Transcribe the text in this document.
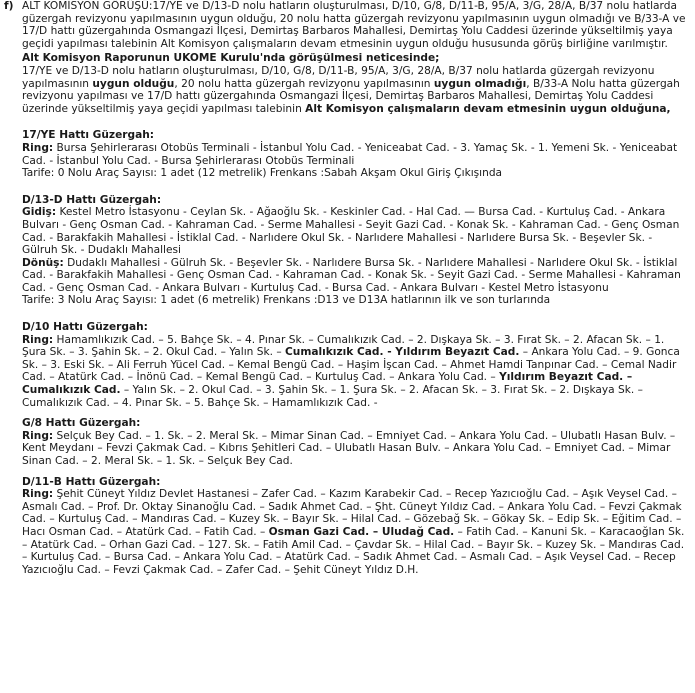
f) ALT KOMİSYON GÖRÜŞÜ:17/YE ve D/13-D nolu hatların oluşturulması, D/10, G/8, D/11-B, 95/A, 3/G, 28/A, B/37 nolu hatlarda güzergah revizyonu yapılmasının uygun olduğu, 20 nolu hatta güzergah revizyonu yapılmasının uygun olmadığı ve B/33-A ve 17/D hattı güzergahında Osmangazi İlçesi, Demirtaş Barbaros Mahallesi, Demirtaş Yolu Caddesi üzerinde yükseltilmiş yaya geçidi yapılması talebinin Alt Komisyon çalışmaların devam etmesinin uygun olduğu hususunda görüş birliğine varılmıştır.

Alt Komisyon Raporunun UKOME Kurulu'nda görüşülmesi neticesinde;

17/YE ve D/13-D nolu hatların oluşturulması, D/10, G/8, D/11-B, 95/A, 3/G, 28/A, B/37 nolu hatlarda güzergah revizyonu yapılmasının uygun olduğu, 20 nolu hatta güzergah revizyonu yapılmasının uygun olmadığı, B/33-A Nolu hatta güzergah revizyonu yapılması ve 17/D hattı güzergahında Osmangazi İlçesi, Demirtaş Barbaros Mahallesi, Demirtaş Yolu Caddesi üzerinde yükseltilmiş yaya geçidi yapılması talebinin Alt Komisyon çalışmaların devam etmesinin uygun olduğuna,

17/YE Hattı Güzergah:

Ring: Bursa Şehirlerarası Otobüs Terminali - İstanbul Yolu Cad. - Yeniceabat Cad. - 3. Yamaç Sk. - 1. Yemeni Sk. - Yeniceabat Cad. - İstanbul Yolu Cad. - Bursa Şehirlerarası Otobüs Terminali

Tarife: 0 Nolu Araç Sayısı: 1 adet (12 metrelik) Frenkans :Sabah Akşam Okul Giriş Çıkışında

D/13-D Hattı Güzergah:

Gidiş: Kestel Metro İstasyonu - Ceylan Sk. - Ağaoğlu Sk. - Keskinler Cad. - Hal Cad. — Bursa Cad. - Kurtuluş Cad. - Ankara Bulvarı - Genç Osman Cad. - Kahraman Cad. - Serme Mahallesi - Seyit Gazi Cad. - Konak Sk. - Kahraman Cad. - Genç Osman Cad. - Barakfakih Mahallesi - İstiklal Cad. - Narlıdere Okul Sk. - Narlıdere Mahallesi - Narlıdere Bursa Sk. - Beşevler Sk. - Gülruh Sk. - Dudaklı Mahallesi

Dönüş: Dudaklı Mahallesi - Gülruh Sk. - Beşevler Sk. - Narlıdere Bursa Sk. - Narlıdere Mahallesi - Narlıdere Okul Sk. - İstiklal Cad. - Barakfakih Mahallesi - Genç Osman Cad. - Kahraman Cad. - Konak Sk. - Seyit Gazi Cad. - Serme Mahallesi - Kahraman Cad. - Genç Osman Cad. - Ankara Bulvarı - Kurtuluş Cad. - Bursa Cad. - Ankara Bulvarı - Kestel Metro İstasyonu

Tarife: 3 Nolu Araç Sayısı: 1 adet (6 metrelik) Frenkans :D13 ve D13A hatlarının ilk ve son turlarında

D/10 Hattı Güzergah:

Ring: Hamamlıkızık Cad. – 5. Bahçe Sk. – 4. Pınar Sk. – Cumalıkızık Cad. – 2. Dışkaya Sk. – 3. Fırat Sk. – 2. Afacan Sk. – 1. Şura Sk. – 3. Şahin Sk. – 2. Okul Cad. – Yalın Sk. – Cumalıkızık Cad. - Yıldırım Beyazıt Cad. – Ankara Yolu Cad. – 9. Gonca Sk. – 3. Eski Sk. – Ali Ferruh Yücel Cad. – Kemal Bengü Cad. – Haşim İşcan Cad. – Ahmet Hamdi Tanpınar Cad. – Cemal Nadir Cad. – Atatürk Cad. – İnönü Cad. – Kemal Bengü Cad. – Kurtuluş Cad. – Ankara Yolu Cad. – Yıldırım Beyazıt Cad. – Cumalıkızık Cad. – Yalın Sk. – 2. Okul Cad. – 3. Şahin Sk. – 1. Şura Sk. – 2. Afacan Sk. – 3. Fırat Sk. – 2. Dışkaya Sk. – Cumalıkızık Cad. – 4. Pınar Sk. – 5. Bahçe Sk. – Hamamlıkızık Cad. -

G/8 Hattı Güzergah:

Ring: Selçuk Bey Cad. – 1. Sk. – 2. Meral Sk. – Mimar Sinan Cad. – Emniyet Cad. – Ankara Yolu Cad. – Ulubatlı Hasan Bulv. – Kent Meydanı – Fevzi Çakmak Cad. – Kıbrıs Şehitleri Cad. – Ulubatlı Hasan Bulv. – Ankara Yolu Cad. – Emniyet Cad. – Mimar Sinan Cad. – 2. Meral Sk. – 1. Sk. – Selçuk Bey Cad.

D/11-B Hattı Güzergah:

Ring: Şehit Cüneyt Yıldız Devlet Hastanesi – Zafer Cad. – Kazım Karabekir Cad. – Recep Yazıcıoğlu Cad. – Aşık Veysel Cad. – Asmalı Cad. – Prof. Dr. Oktay Sinanoğlu Cad. – Sadık Ahmet Cad. – Şht. Cüneyt Yıldız Cad. – Ankara Yolu Cad. – Fevzi Çakmak Cad. – Kurtuluş Cad. – Mandıras Cad. – Kuzey Sk. – Bayır Sk. – Hilal Cad. – Gözebağ Sk. – Gökay Sk. – Edip Sk. – Eğitim Cad. – Hacı Osman Cad. – Atatürk Cad. – Fatih Cad. – Osman Gazi Cad. – Uludağ Cad. – Fatih Cad. – Kanuni Sk. – Karacaoğlan Sk. – Atatürk Cad. – Orhan Gazi Cad. – 127. Sk. – Fatih Amil Cad. – Çavdar Sk. – Hilal Cad. – Bayır Sk. – Kuzey Sk. – Mandıras Cad. – Kurtuluş Cad. – Bursa Cad. – Ankara Yolu Cad. – Atatürk Cad. – Sadık Ahmet Cad. – Asmalı Cad. – Aşık Veysel Cad. – Recep Yazıcıoğlu Cad. – Fevzi Çakmak Cad. – Zafer Cad. – Şehit Cüneyt Yıldız D.H.
